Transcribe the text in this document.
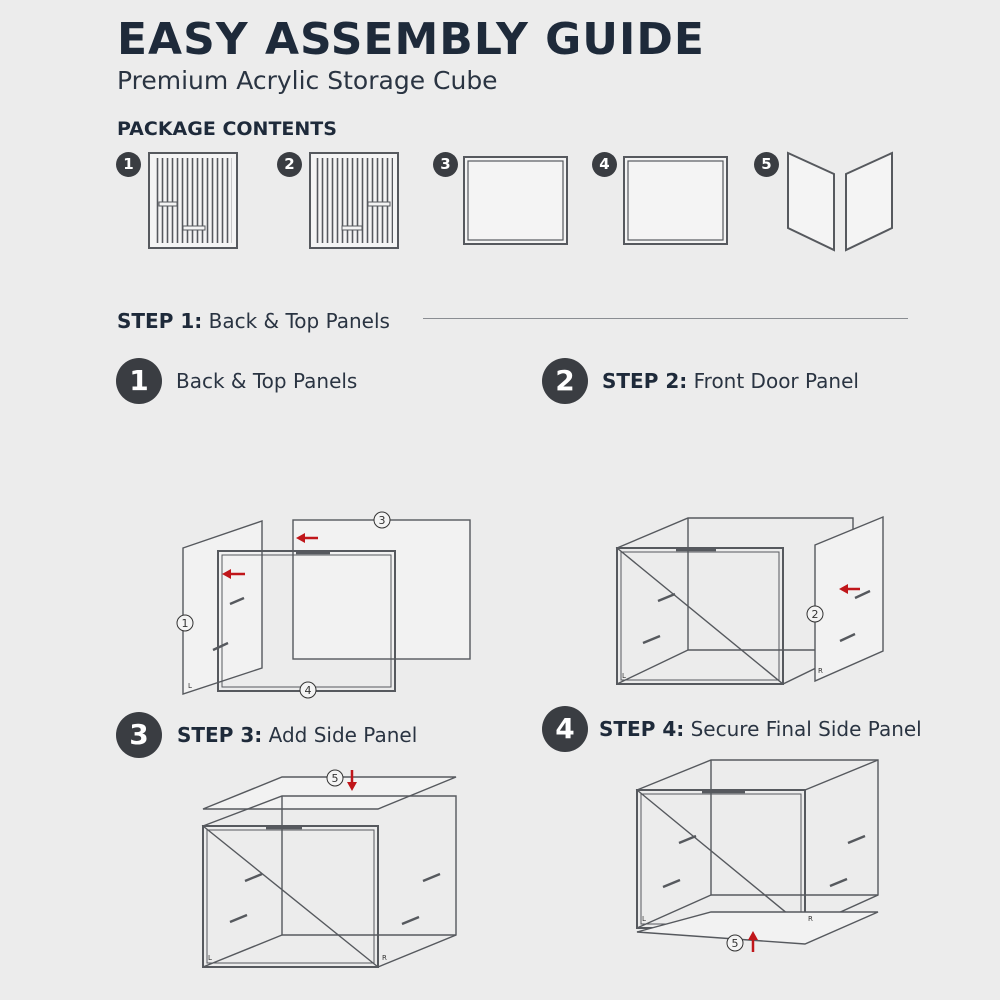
EASY ASSEMBLY GUIDE
Premium Acrylic Storage Cube
PACKAGE CONTENTS
1	2	3	4	5
STEP 1: Back & Top Panels
1	Back & Top Panels	2	STEP 2: Front Door Panel
3	STEP 3: Add Side Panel	4	STEP 4: Secure Final Side Panel
3
1
4
L
2
L
R
5
L	R
5
L	R
